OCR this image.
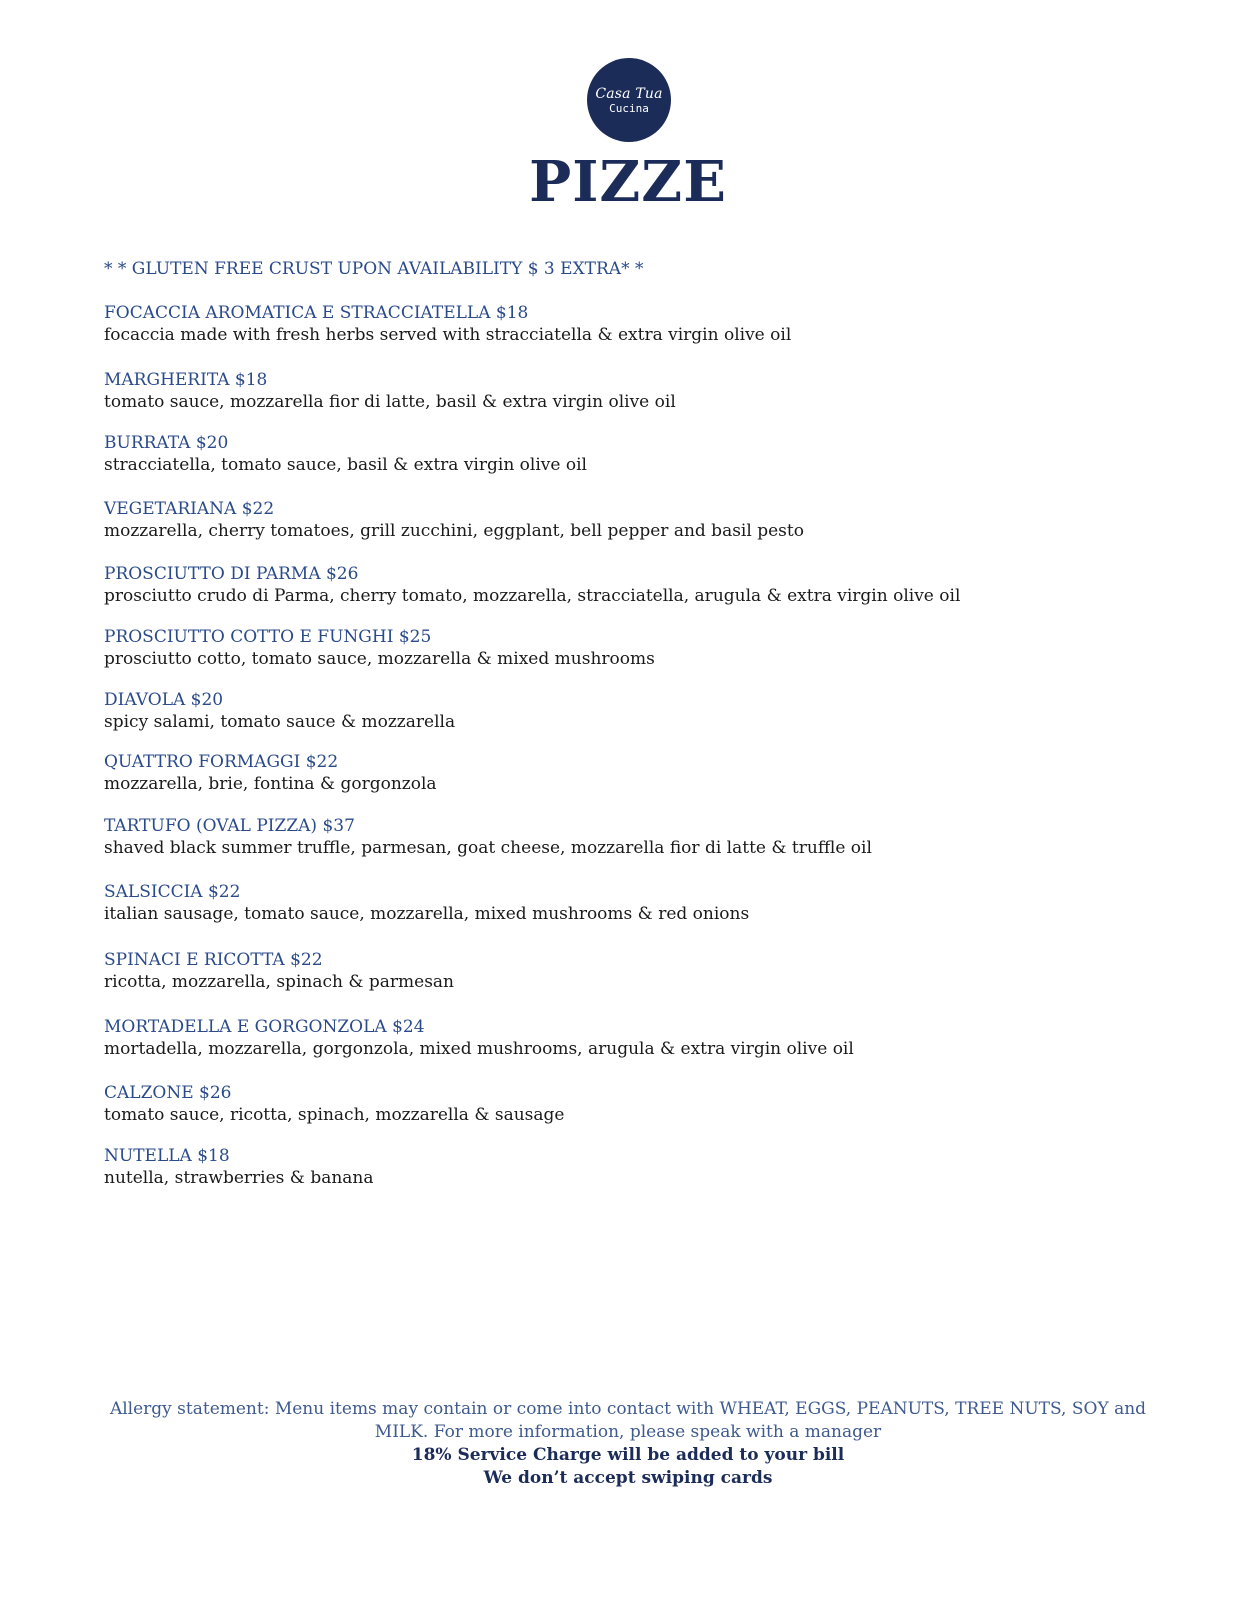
Casa Tua
Cucina
PIZZE
* * GLUTEN FREE CRUST UPON AVAILABILITY $ 3 EXTRA* *
FOCACCIA AROMATICA E STRACCIATELLA $18
focaccia made with fresh herbs served with stracciatella & extra virgin olive oil
MARGHERITA $18
tomato sauce, mozzarella fior di latte, basil & extra virgin olive oil
BURRATA $20
stracciatella, tomato sauce, basil & extra virgin olive oil
VEGETARIANA $22
mozzarella, cherry tomatoes, grill zucchini, eggplant, bell pepper and basil pesto
PROSCIUTTO DI PARMA $26
prosciutto crudo di Parma, cherry tomato, mozzarella, stracciatella, arugula & extra virgin olive oil
PROSCIUTTO COTTO E FUNGHI $25
prosciutto cotto, tomato sauce, mozzarella & mixed mushrooms
DIAVOLA $20
spicy salami, tomato sauce & mozzarella
QUATTRO FORMAGGI $22
mozzarella, brie, fontina & gorgonzola
TARTUFO (OVAL PIZZA) $37
shaved black summer truffle, parmesan, goat cheese, mozzarella fior di latte & truffle oil
SALSICCIA $22
italian sausage, tomato sauce, mozzarella, mixed mushrooms & red onions
SPINACI E RICOTTA $22
ricotta, mozzarella, spinach & parmesan
MORTADELLA E GORGONZOLA $24
mortadella, mozzarella, gorgonzola, mixed mushrooms, arugula & extra virgin olive oil
CALZONE $26
tomato sauce, ricotta, spinach, mozzarella & sausage
NUTELLA $18
nutella, strawberries & banana
Allergy statement: Menu items may contain or come into contact with WHEAT, EGGS, PEANUTS, TREE NUTS, SOY and MILK. For more information, please speak with a manager
18% Service Charge will be added to your bill
We don’t accept swiping cards
